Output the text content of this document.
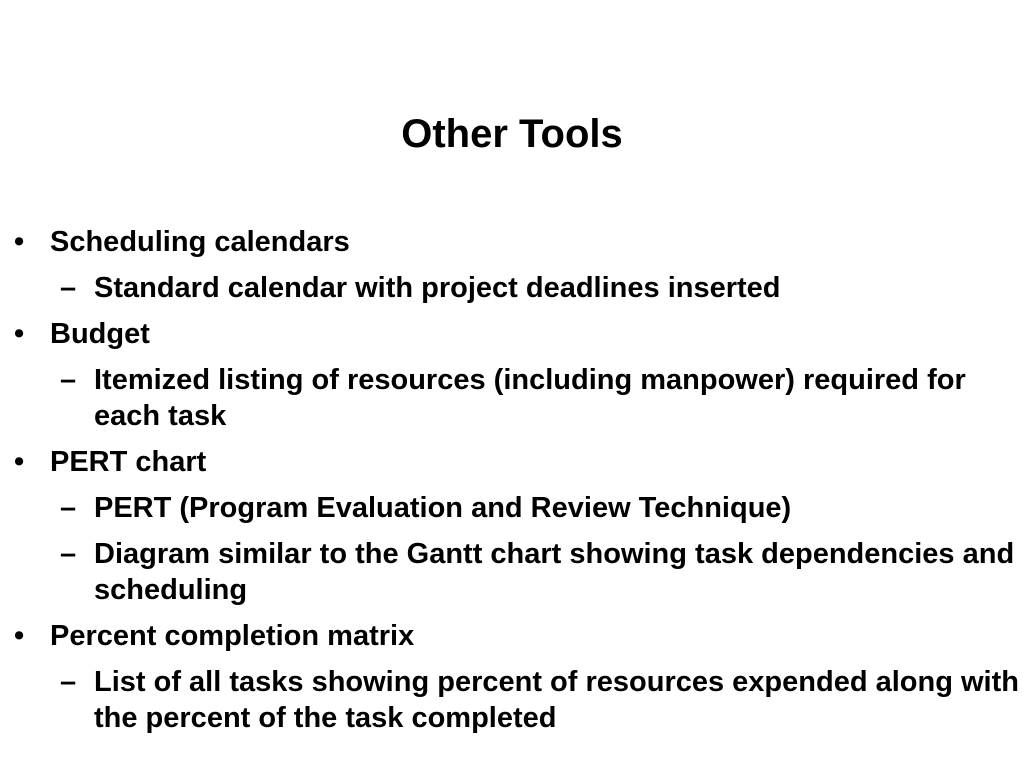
Other Tools
• Scheduling calendars
– Standard calendar with project deadlines inserted
• Budget
– Itemized listing of resources (including manpower) required for each task
• PERT chart
– PERT (Program Evaluation and Review Technique)
– Diagram similar to the Gantt chart showing task dependencies and scheduling
• Percent completion matrix
– List of all tasks showing percent of resources expended along with the percent of the task completed
